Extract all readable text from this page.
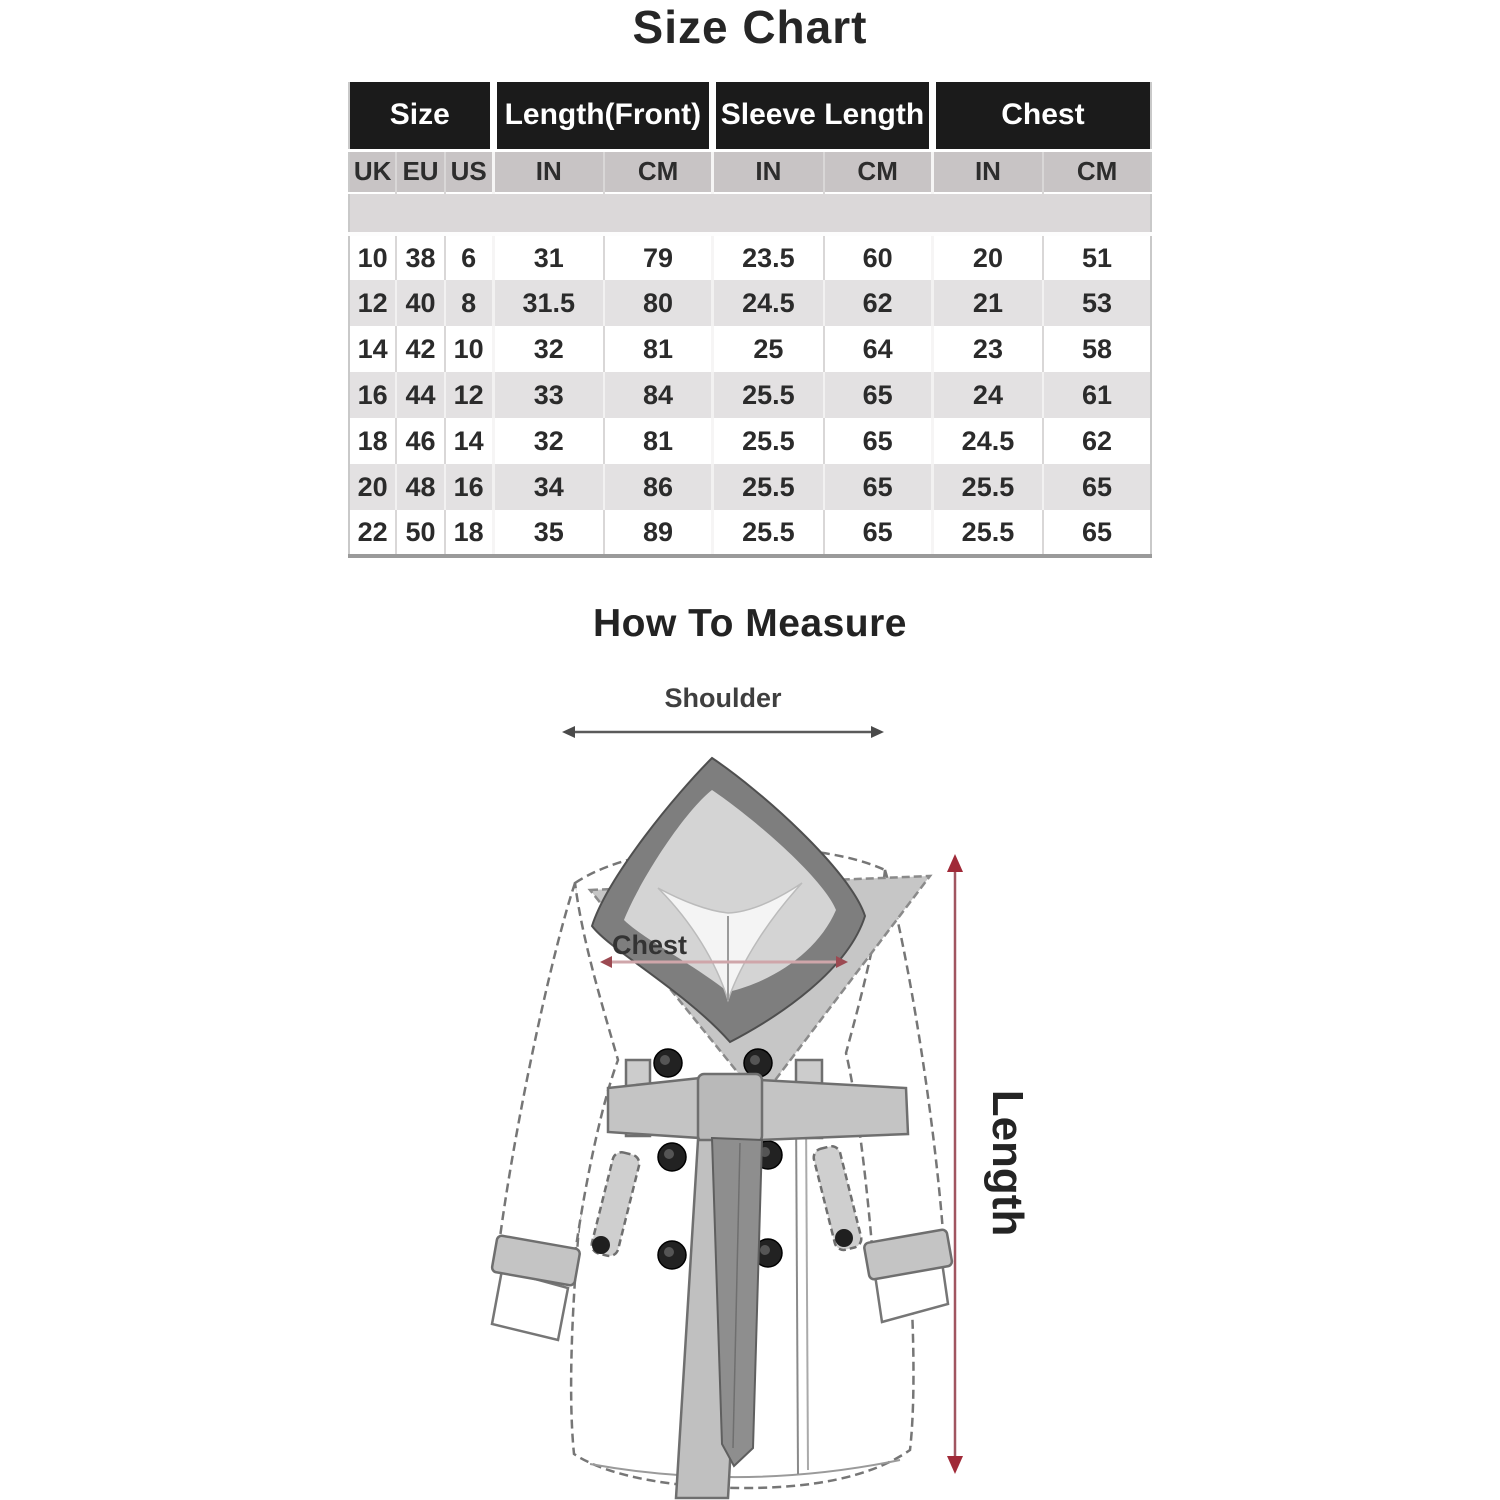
Size Chart
Size			Length(Front)		Sleeve Length		Chest	
UK	EU	US	IN	CM	IN	CM	IN	CM

10	38	6	31	79	23.5	60	20	51
12	40	8	31.5	80	24.5	62	21	53
14	42	10	32	81	25	64	23	58
16	44	12	33	84	25.5	65	24	61
18	46	14	32	81	25.5	65	24.5	62
20	48	16	34	86	25.5	65	25.5	65
22	50	18	35	89	25.5	65	25.5	65
How To Measure
Shoulder
Chest
Length
